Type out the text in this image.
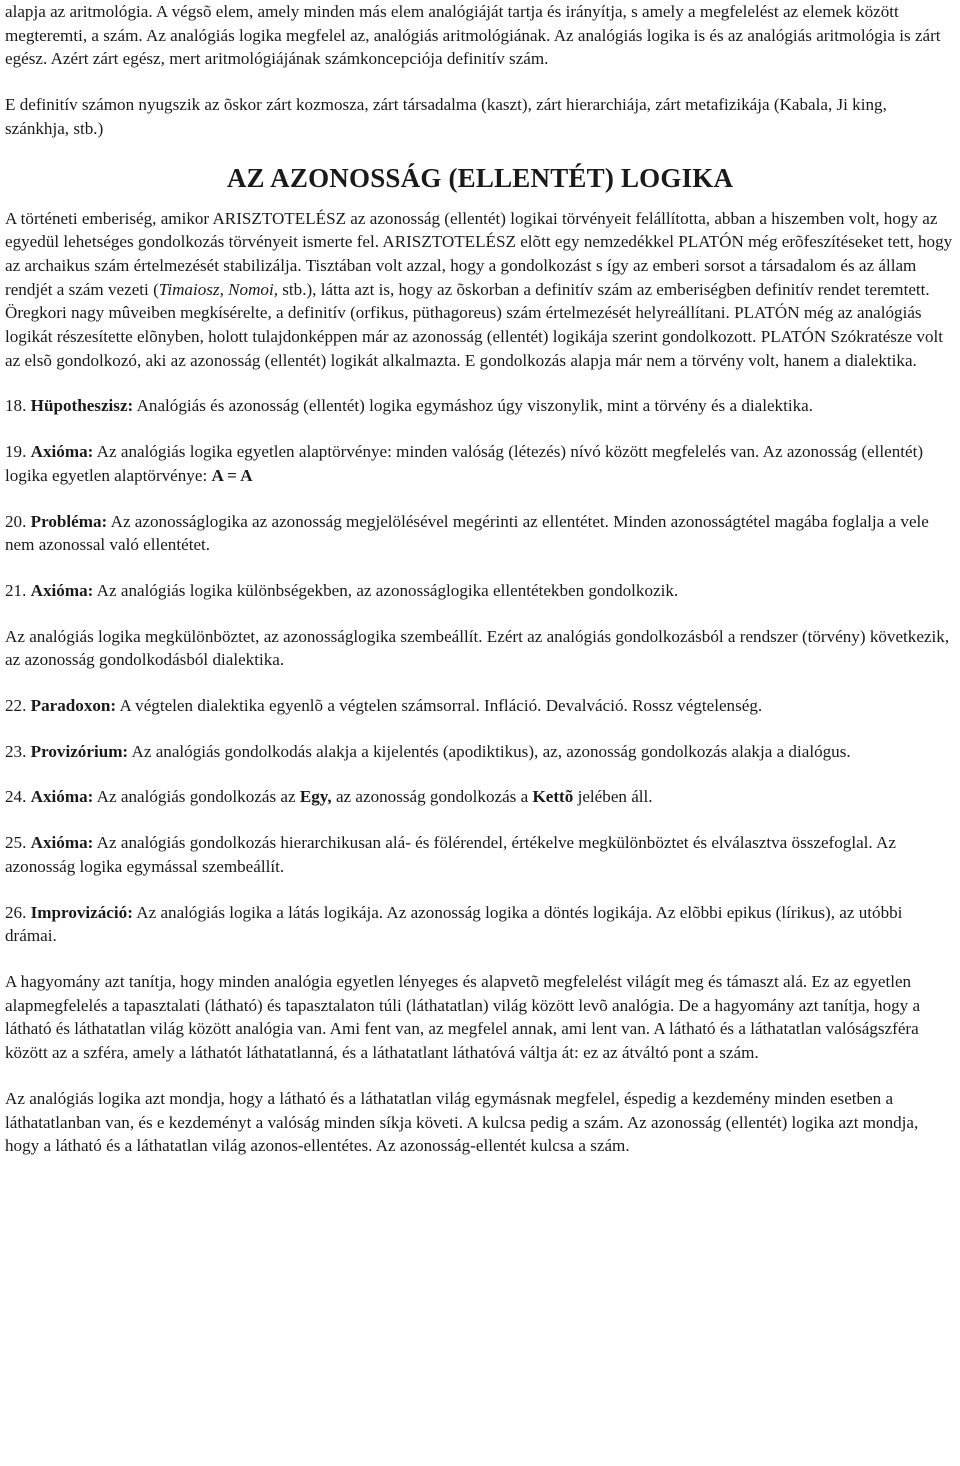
alapja az aritmológia. A végsõ elem, amely minden más elem analógiáját tartja és irányítja, s amely a megfelelést az elemek között megteremti, a szám. Az analógiás logika megfelel az, analógiás aritmológiának. Az analógiás logika is és az analógiás aritmológia is zárt egész. Azért zárt egész, mert aritmológiájának számkoncepciója definitív szám.

E definitív számon nyugszik az õskor zárt kozmosza, zárt társadalma (kaszt), zárt hierarchiája, zárt metafizikája (Kabala, Ji king, szánkhja, stb.)

AZ AZONOSSÁG (ELLENTÉT) LOGIKA

A történeti emberiség, amikor ARISZTOTELÉSZ az azonosság (ellentét) logikai törvényeit felállította, abban a hiszemben volt, hogy az egyedül lehetséges gondolkozás törvényeit ismerte fel. ARISZTOTELÉSZ elõtt egy nemzedékkel PLATÓN még erõfeszítéseket tett, hogy az archaikus szám értelmezését stabilizálja. Tisztában volt azzal, hogy a gondolkozást s így az emberi sorsot a társadalom és az állam rendjét a szám vezeti (Timaiosz, Nomoi, stb.), látta azt is, hogy az õskorban a definitív szám az emberiségben definitív rendet teremtett. Öregkori nagy mûveiben megkísérelte, a definitív (orfikus, püthagoreus) szám értelmezését helyreállítani. PLATÓN még az analógiás logikát részesítette elõnyben, holott tulajdonképpen már az azonosság (ellentét) logikája szerint gondolkozott. PLATÓN Szókratésze volt az elsõ gondolkozó, aki az azonosság (ellentét) logikát alkalmazta. E gondolkozás alapja már nem a törvény volt, hanem a dialektika.

18. Hüpotheszisz: Analógiás és azonosság (ellentét) logika egymáshoz úgy viszonylik, mint a törvény és a dialektika.

19. Axióma: Az analógiás logika egyetlen alaptörvénye: minden valóság (létezés) nívó között megfelelés van. Az azonosság (ellentét) logika egyetlen alaptörvénye: A = A

20. Probléma: Az azonosságlogika az azonosság megjelölésével megérinti az ellentétet. Minden azonosságtétel magába foglalja a vele nem azonossal való ellentétet.

21. Axióma: Az analógiás logika különbségekben, az azonosságlogika ellentétekben gondolkozik.

Az analógiás logika megkülönböztet, az azonosságlogika szembeállít. Ezért az analógiás gondolkozásból a rendszer (törvény) következik, az azonosság gondolkodásból dialektika.

22. Paradoxon: A végtelen dialektika egyenlõ a végtelen számsorral. Infláció. Devalváció. Rossz végtelenség.

23. Provizórium: Az analógiás gondolkodás alakja a kijelentés (apodiktikus), az, azonosság gondolkozás alakja a dialógus.

24. Axióma: Az analógiás gondolkozás az Egy, az azonosság gondolkozás a Kettõ jelében áll.

25. Axióma: Az analógiás gondolkozás hierarchikusan alá- és fölérendel, értékelve megkülönböztet és elválasztva összefoglal. Az azonosság logika egymással szembeállít.

26. Improvizáció: Az analógiás logika a látás logikája. Az azonosság logika a döntés logikája. Az elõbbi epikus (lírikus), az utóbbi drámai.

A hagyomány azt tanítja, hogy minden analógia egyetlen lényeges és alapvetõ megfelelést világít meg és támaszt alá. Ez az egyetlen alapmegfelelés a tapasztalati (látható) és tapasztalaton túli (láthatatlan) világ között levõ analógia. De a hagyomány azt tanítja, hogy a látható és láthatatlan világ között analógia van. Ami fent van, az megfelel annak, ami lent van. A látható és a láthatatlan valóságszféra között az a szféra, amely a láthatót láthatatlanná, és a láthatatlant láthatóvá váltja át: ez az átváltó pont a szám.

Az analógiás logika azt mondja, hogy a látható és a láthatatlan világ egymásnak megfelel, éspedig a kezdemény minden esetben a láthatatlanban van, és e kezdeményt a valóság minden síkja követi. A kulcsa pedig a szám. Az azonosság (ellentét) logika azt mondja, hogy a látható és a láthatatlan világ azonos-ellentétes. Az azonosság-ellentét kulcsa a szám.
